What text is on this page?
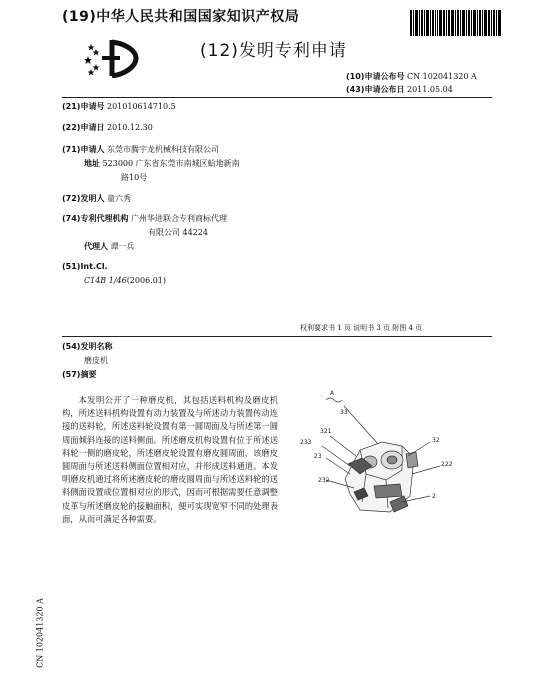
(19)中华人民共和国国家知识产权局
(12)发明专利申请
(10)申请公布号 CN 102041320 A
(43)申请公布日 2011.05.04
(21)申请号 201010614710.5
(22)申请日 2010.12.30
(71)申请人 东莞市腾宇龙机械科技有限公司
地址 523000 广东省东莞市南城区蛤地新南
路10号
(72)发明人 童六秀
(74)专利代理机构 广州华进联合专利商标代理
有限公司 44224
代理人 谭一兵
(51)Int.Cl.
C14B 1/46(2006.01)
权利要求书 1 页 说明书 3 页 附图 4 页
(54)发明名称
磨皮机
(57)摘要

本发明公开了一种磨皮机，其包括送料机构及磨皮机构，所述送料机构设置有动力装置及与所述动力装置传动连接的送料轮，所述送料轮设置有第一圆周面及与所述第一圆周面倾斜连接的送料侧面。所述磨皮机构设置有位于所述送料轮一侧的磨皮轮，所述磨皮轮设置有磨皮圆周面，该磨皮圆周面与所述送料侧面位置相对应，并形成送料通道。本发明磨皮机通过将所述磨皮轮的磨皮圆周面与所述送料轮的送料侧面设置成位置相对应的形式，因而可根据需要任意调整皮革与所述磨皮轮的接触面积，便可实现宽窄不同的处理表面，从而可满足各种需要。

A
33
321
233	32
23
222
232
2
CN 102041320 A
